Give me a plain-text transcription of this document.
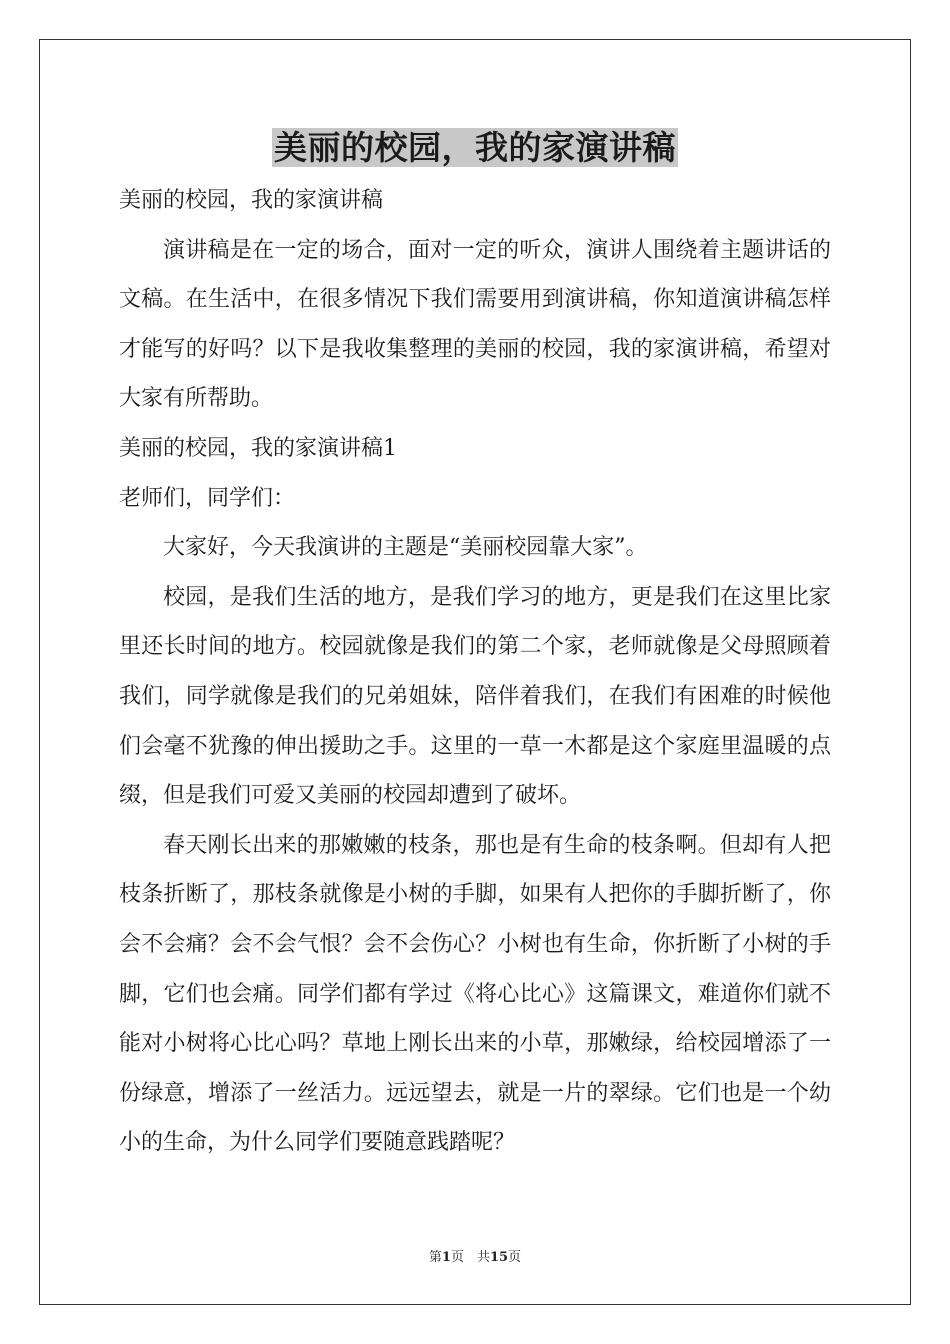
美丽的校园，我的家演讲稿
美丽的校园，我的家演讲稿
演讲稿是在一定的场合，面对一定的听众，演讲人围绕着主题讲话的文稿。在生活中，在很多情况下我们需要用到演讲稿，你知道演讲稿怎样才能写的好吗？以下是我收集整理的美丽的校园，我的家演讲稿，希望对大家有所帮助。
美丽的校园，我的家演讲稿1
老师们，同学们：
大家好，今天我演讲的主题是“美丽校园靠大家”。
校园，是我们生活的地方，是我们学习的地方，更是我们在这里比家里还长时间的地方。校园就像是我们的第二个家，老师就像是父母照顾着我们，同学就像是我们的兄弟姐妹，陪伴着我们，在我们有困难的时候他们会毫不犹豫的伸出援助之手。这里的一草一木都是这个家庭里温暖的点缀，但是我们可爱又美丽的校园却遭到了破坏。
春天刚长出来的那嫩嫩的枝条，那也是有生命的枝条啊。但却有人把枝条折断了，那枝条就像是小树的手脚，如果有人把你的手脚折断了，你会不会痛？会不会气恨？会不会伤心？小树也有生命，你折断了小树的手脚，它们也会痛。同学们都有学过《将心比心》这篇课文，难道你们就不能对小树将心比心吗？草地上刚长出来的小草，那嫩绿，给校园增添了一份绿意，增添了一丝活力。远远望去，就是一片的翠绿。它们也是一个幼小的生命，为什么同学们要随意践踏呢？
第1页　共15页
